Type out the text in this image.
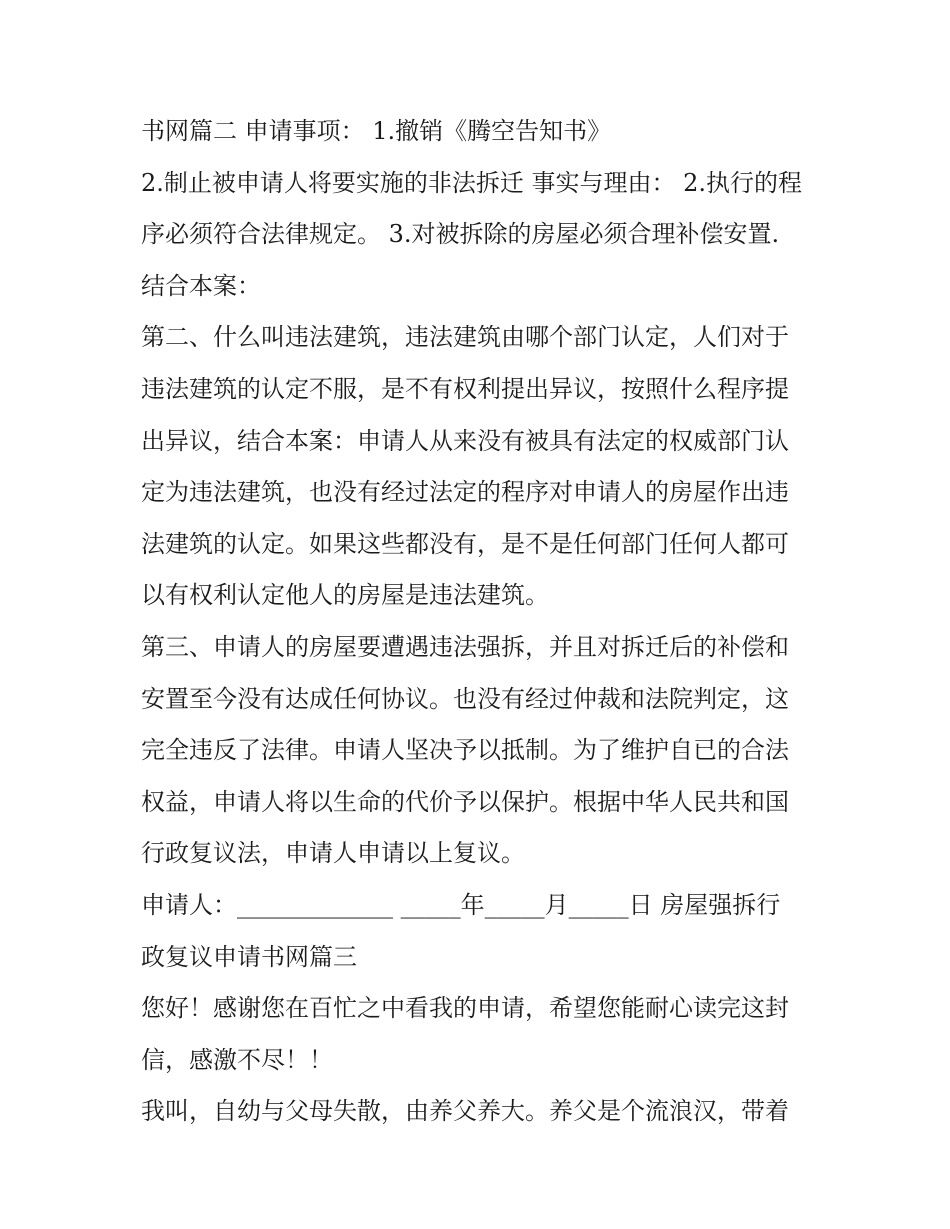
书网篇二 申请事项： 1.撤销《腾空告知书》
2.制止被申请人将要实施的非法拆迁 事实与理由： 2.执行的程
序必须符合法律规定。 3.对被拆除的房屋必须合理补偿安置.
结合本案：
第二、什么叫违法建筑，违法建筑由哪个部门认定，人们对于
违法建筑的认定不服，是不有权利提出异议，按照什么程序提
出异议，结合本案：申请人从来没有被具有法定的权威部门认
定为违法建筑，也没有经过法定的程序对申请人的房屋作出违
法建筑的认定。如果这些都没有，是不是任何部门任何人都可
以有权利认定他人的房屋是违法建筑。
第三、申请人的房屋要遭遇违法强拆，并且对拆迁后的补偿和
安置至今没有达成任何协议。也没有经过仲裁和法院判定，这
完全违反了法律。申请人坚决予以抵制。为了维护自已的合法
权益，申请人将以生命的代价予以保护。根据中华人民共和国
行政复议法，申请人申请以上复议。
申请人：_____________ _____年_____月_____日 房屋强拆行
政复议申请书网篇三
您好！感谢您在百忙之中看我的申请，希望您能耐心读完这封
信，感激不尽！！
我叫，自幼与父母失散，由养父养大。养父是个流浪汉，带着
